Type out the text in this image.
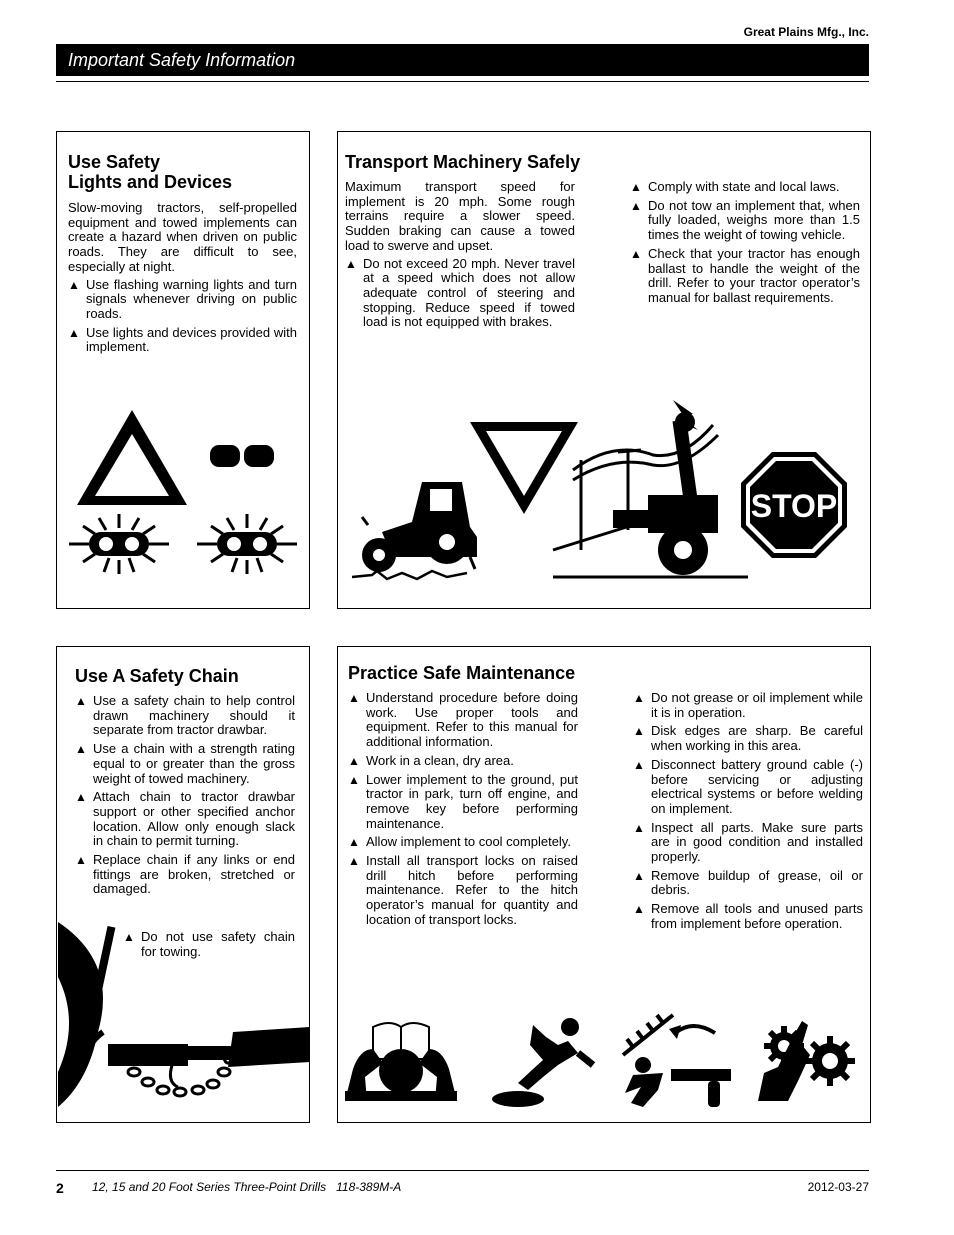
Great Plains Mfg., Inc.
Important Safety Information
Use Safety
Lights and Devices

Slow-moving tractors, self-propelled equipment and towed implements can create a hazard when driven on public roads. They are difficult to see, especially at night.

▲ Use flashing warning lights and turn signals whenever driving on public roads.
▲ Use lights and devices provided with implement.
Transport Machinery Safely

Maximum transport speed for implement is 20 mph. Some rough terrains require a slower speed. Sudden braking can cause a towed load to swerve and upset.

▲ Do not exceed 20 mph. Never travel at a speed which does not allow adequate control of steering and stopping. Reduce speed if towed load is not equipped with brakes.
▲ Comply with state and local laws.
▲ Do not tow an implement that, when fully loaded, weighs more than 1.5 times the weight of towing vehicle.
▲ Check that your tractor has enough ballast to handle the weight of the drill. Refer to your tractor operator’s manual for ballast requirements.
STOP
Use A Safety Chain
▲ Use a safety chain to help control drawn machinery should it separate from tractor drawbar.
▲ Use a chain with a strength rating equal to or greater than the gross weight of towed machinery.
▲ Attach chain to tractor drawbar support or other specified anchor location. Allow only enough slack in chain to permit turning.
▲ Replace chain if any links or end fittings are broken, stretched or damaged.
▲ Do not use safety chain for towing.
Practice Safe Maintenance
▲ Understand procedure before doing work. Use proper tools and equipment. Refer to this manual for additional information.
▲ Work in a clean, dry area.
▲ Lower implement to the ground, put tractor in park, turn off engine, and remove key before performing maintenance.
▲ Allow implement to cool completely.
▲ Install all transport locks on raised drill hitch before performing maintenance. Refer to the hitch operator’s manual for quantity and location of transport locks.
▲ Do not grease or oil implement while it is in operation.
▲ Disk edges are sharp. Be careful when working in this area.
▲ Disconnect battery ground cable (-) before servicing or adjusting electrical systems or before welding on implement.
▲ Inspect all parts. Make sure parts are in good condition and installed properly.
▲ Remove buildup of grease, oil or debris.
▲ Remove all tools and unused parts from implement before operation.
2 12, 15 and 20 Foot Series Three-Point Drills   118-389M-A	2012-03-27
